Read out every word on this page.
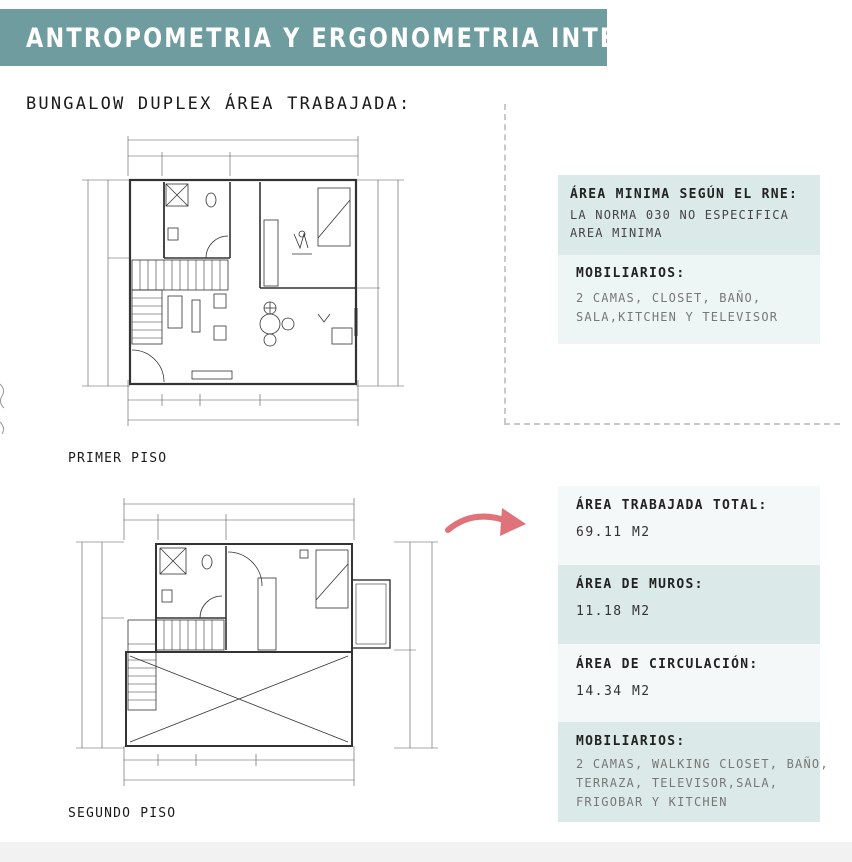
ANTROPOMETRIA Y ERGONOMETRIA INTERIOR
BUNGALOW DUPLEX ÁREA TRABAJADA:
PRIMER PISO
SEGUNDO PISO
ÁREA MINIMA SEGÚN EL RNE:
LA NORMA 030 NO ESPECIFICA
AREA MINIMA
MOBILIARIOS:
2 CAMAS, CLOSET, BAÑO,
SALA,KITCHEN Y TELEVISOR
ÁREA TRABAJADA TOTAL:
69.11 M2
ÁREA DE MUROS:
11.18 M2
ÁREA DE CIRCULACIÓN:
14.34 M2
MOBILIARIOS:
2 CAMAS, WALKING CLOSET, BAÑO,
TERRAZA, TELEVISOR,SALA,
FRIGOBAR Y KITCHEN
